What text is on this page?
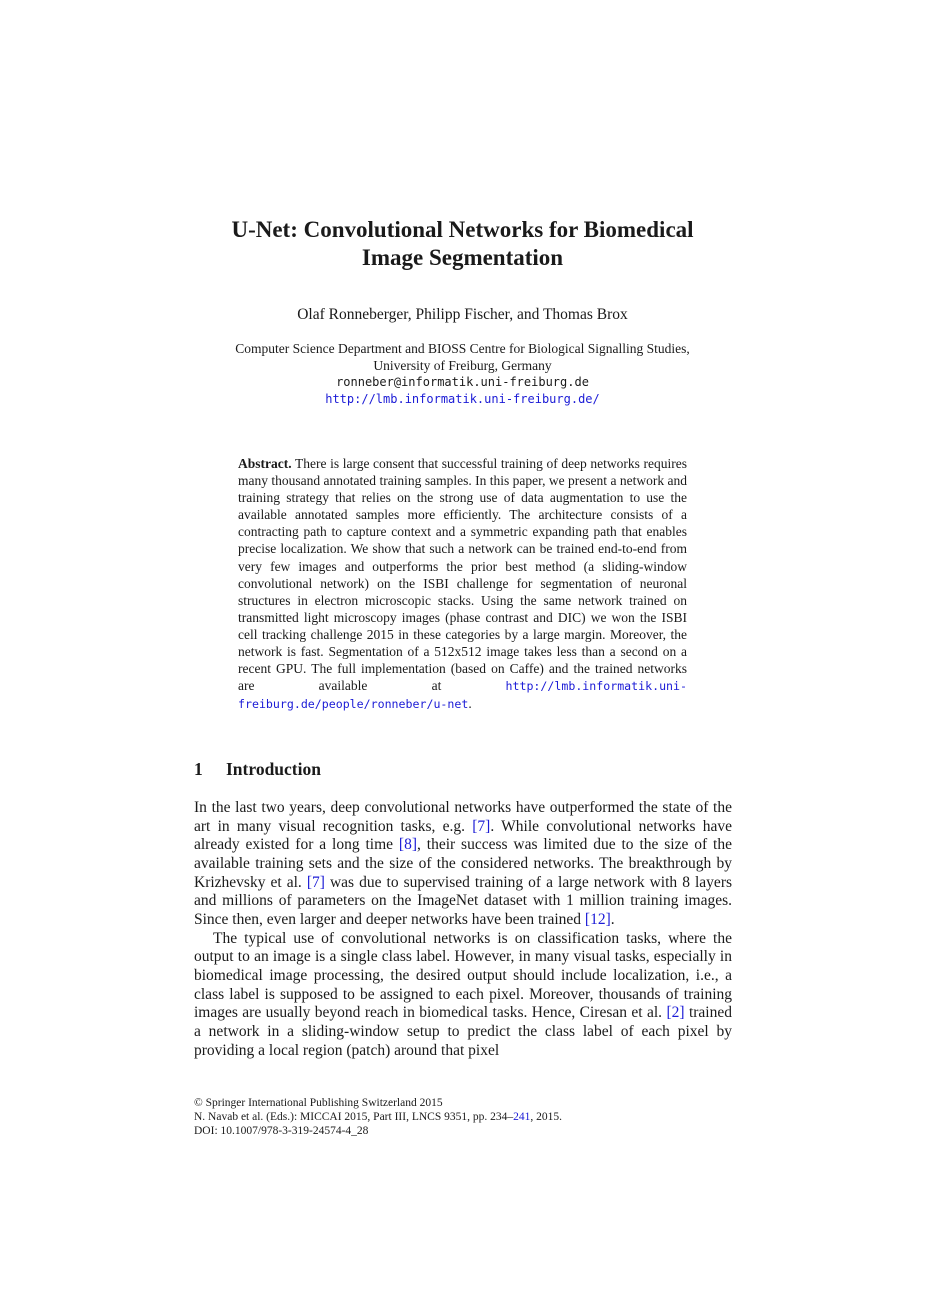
U-Net: Convolutional Networks for Biomedical
Image Segmentation
Olaf Ronneberger, Philipp Fischer, and Thomas Brox
Computer Science Department and BIOSS Centre for Biological Signalling Studies,
University of Freiburg, Germany
ronneber@informatik.uni-freiburg.de
http://lmb.informatik.uni-freiburg.de/
Abstract. There is large consent that successful training of deep networks requires many thousand annotated training samples. In this paper, we present a network and training strategy that relies on the strong use of data augmentation to use the available annotated samples more efficiently. The architecture consists of a contracting path to capture context and a symmetric expanding path that enables precise localization. We show that such a network can be trained end-to-end from very few images and outperforms the prior best method (a sliding-window convolutional network) on the ISBI challenge for segmentation of neuronal structures in electron microscopic stacks. Using the same network trained on transmitted light microscopy images (phase contrast and DIC) we won the ISBI cell tracking challenge 2015 in these categories by a large margin. Moreover, the network is fast. Segmentation of a 512x512 image takes less than a second on a recent GPU. The full implementation (based on Caffe) and the trained networks are available at	http://lmb.informatik.uni-freiburg.de/people/ronneber/u-net.
1 Introduction

In the last two years, deep convolutional networks have outperformed the state of the art in many visual recognition tasks, e.g. [7]. While convolutional networks have already existed for a long time [8], their success was limited due to the size of the available training sets and the size of the considered networks. The breakthrough by Krizhevsky et al. [7] was due to supervised training of a large network with 8 layers and millions of parameters on the ImageNet dataset with 1 million training images. Since then, even larger and deeper networks have been trained [12].

The typical use of convolutional networks is on classification tasks, where the output to an image is a single class label. However, in many visual tasks, especially in biomedical image processing, the desired output should include localization, i.e., a class label is supposed to be assigned to each pixel. Moreover, thousands of training images are usually beyond reach in biomedical tasks. Hence, Ciresan et al. [2] trained a network in a sliding-window setup to predict the class label of each pixel by providing a local region (patch) around that pixel

© Springer International Publishing Switzerland 2015
N. Navab et al. (Eds.): MICCAI 2015, Part III, LNCS 9351, pp. 234–241, 2015.
DOI: 10.1007/978-3-319-24574-4_28
